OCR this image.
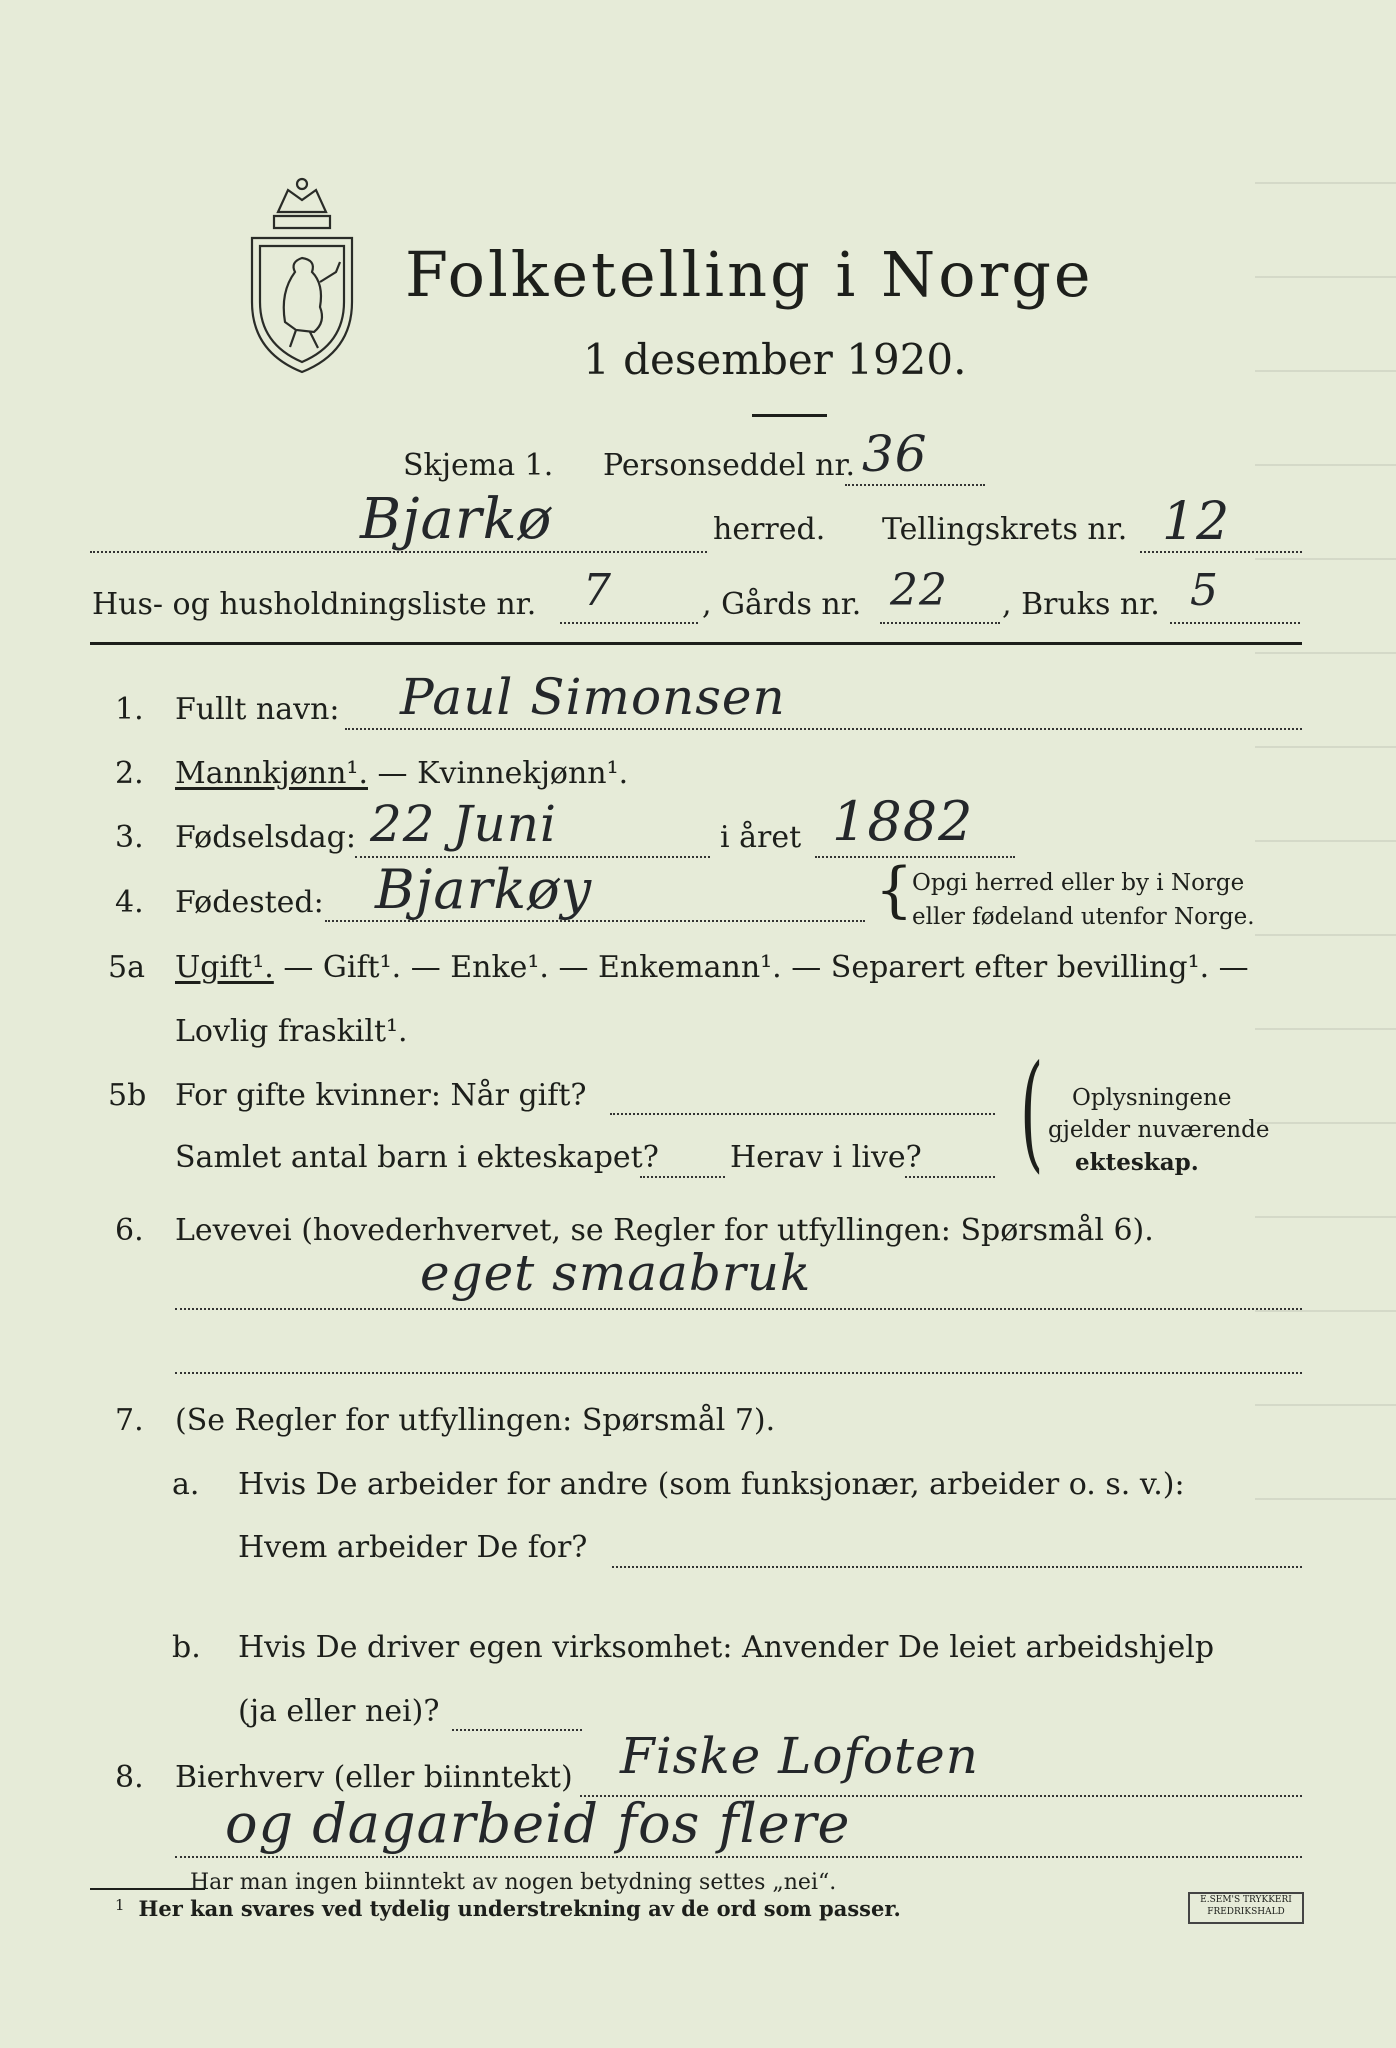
Folketelling i Norge
1 desember 1920.
Skjema 1. Personseddel nr. 36
Bjarkø	herred. Tellingskrets nr. 12
Hus- og husholdningsliste nr. 7	, Gårds nr. 22 , Bruks nr. 5
1. Fullt navn: Paul Simonsen
2. Mannkjønn¹. — Kvinnekjønn¹.
3. Fødselsdag: 22 Juni	i året 1882
4. Fødested: Bjarkøy	{
Opgi herred eller by i Norge
eller fødeland utenfor Norge.
5a Ugift¹. — Gift¹. — Enke¹. — Enkemann¹. — Separert efter bevilling¹. —
Lovlig fraskilt¹.
5b For gifte kvinner: Når gift?
Samlet antal barn i ekteskapet? Herav i live? ( Oplysningene
gjelder nuværende
ekteskap.
6. Levevei (hovederhvervet, se Regler for utfyllingen: Spørsmål 6).
eget smaabruk
7. (Se Regler for utfyllingen: Spørsmål 7).
a. Hvis De arbeider for andre (som funksjonær, arbeider o. s. v.):
Hvem arbeider De for?
b. Hvis De driver egen virksomhet: Anvender De leiet arbeidshjelp
(ja eller nei)?
8. Bierhverv (eller biinntekt) Fiske Lofoten
og dagarbeid fos flere
Har man ingen biinntekt av nogen betydning settes „nei“.
$^1$ Her kan svares ved tydelig understrekning av de ord som passer.	E.SEM'S TRYKKERI
FREDRIKSHALD
